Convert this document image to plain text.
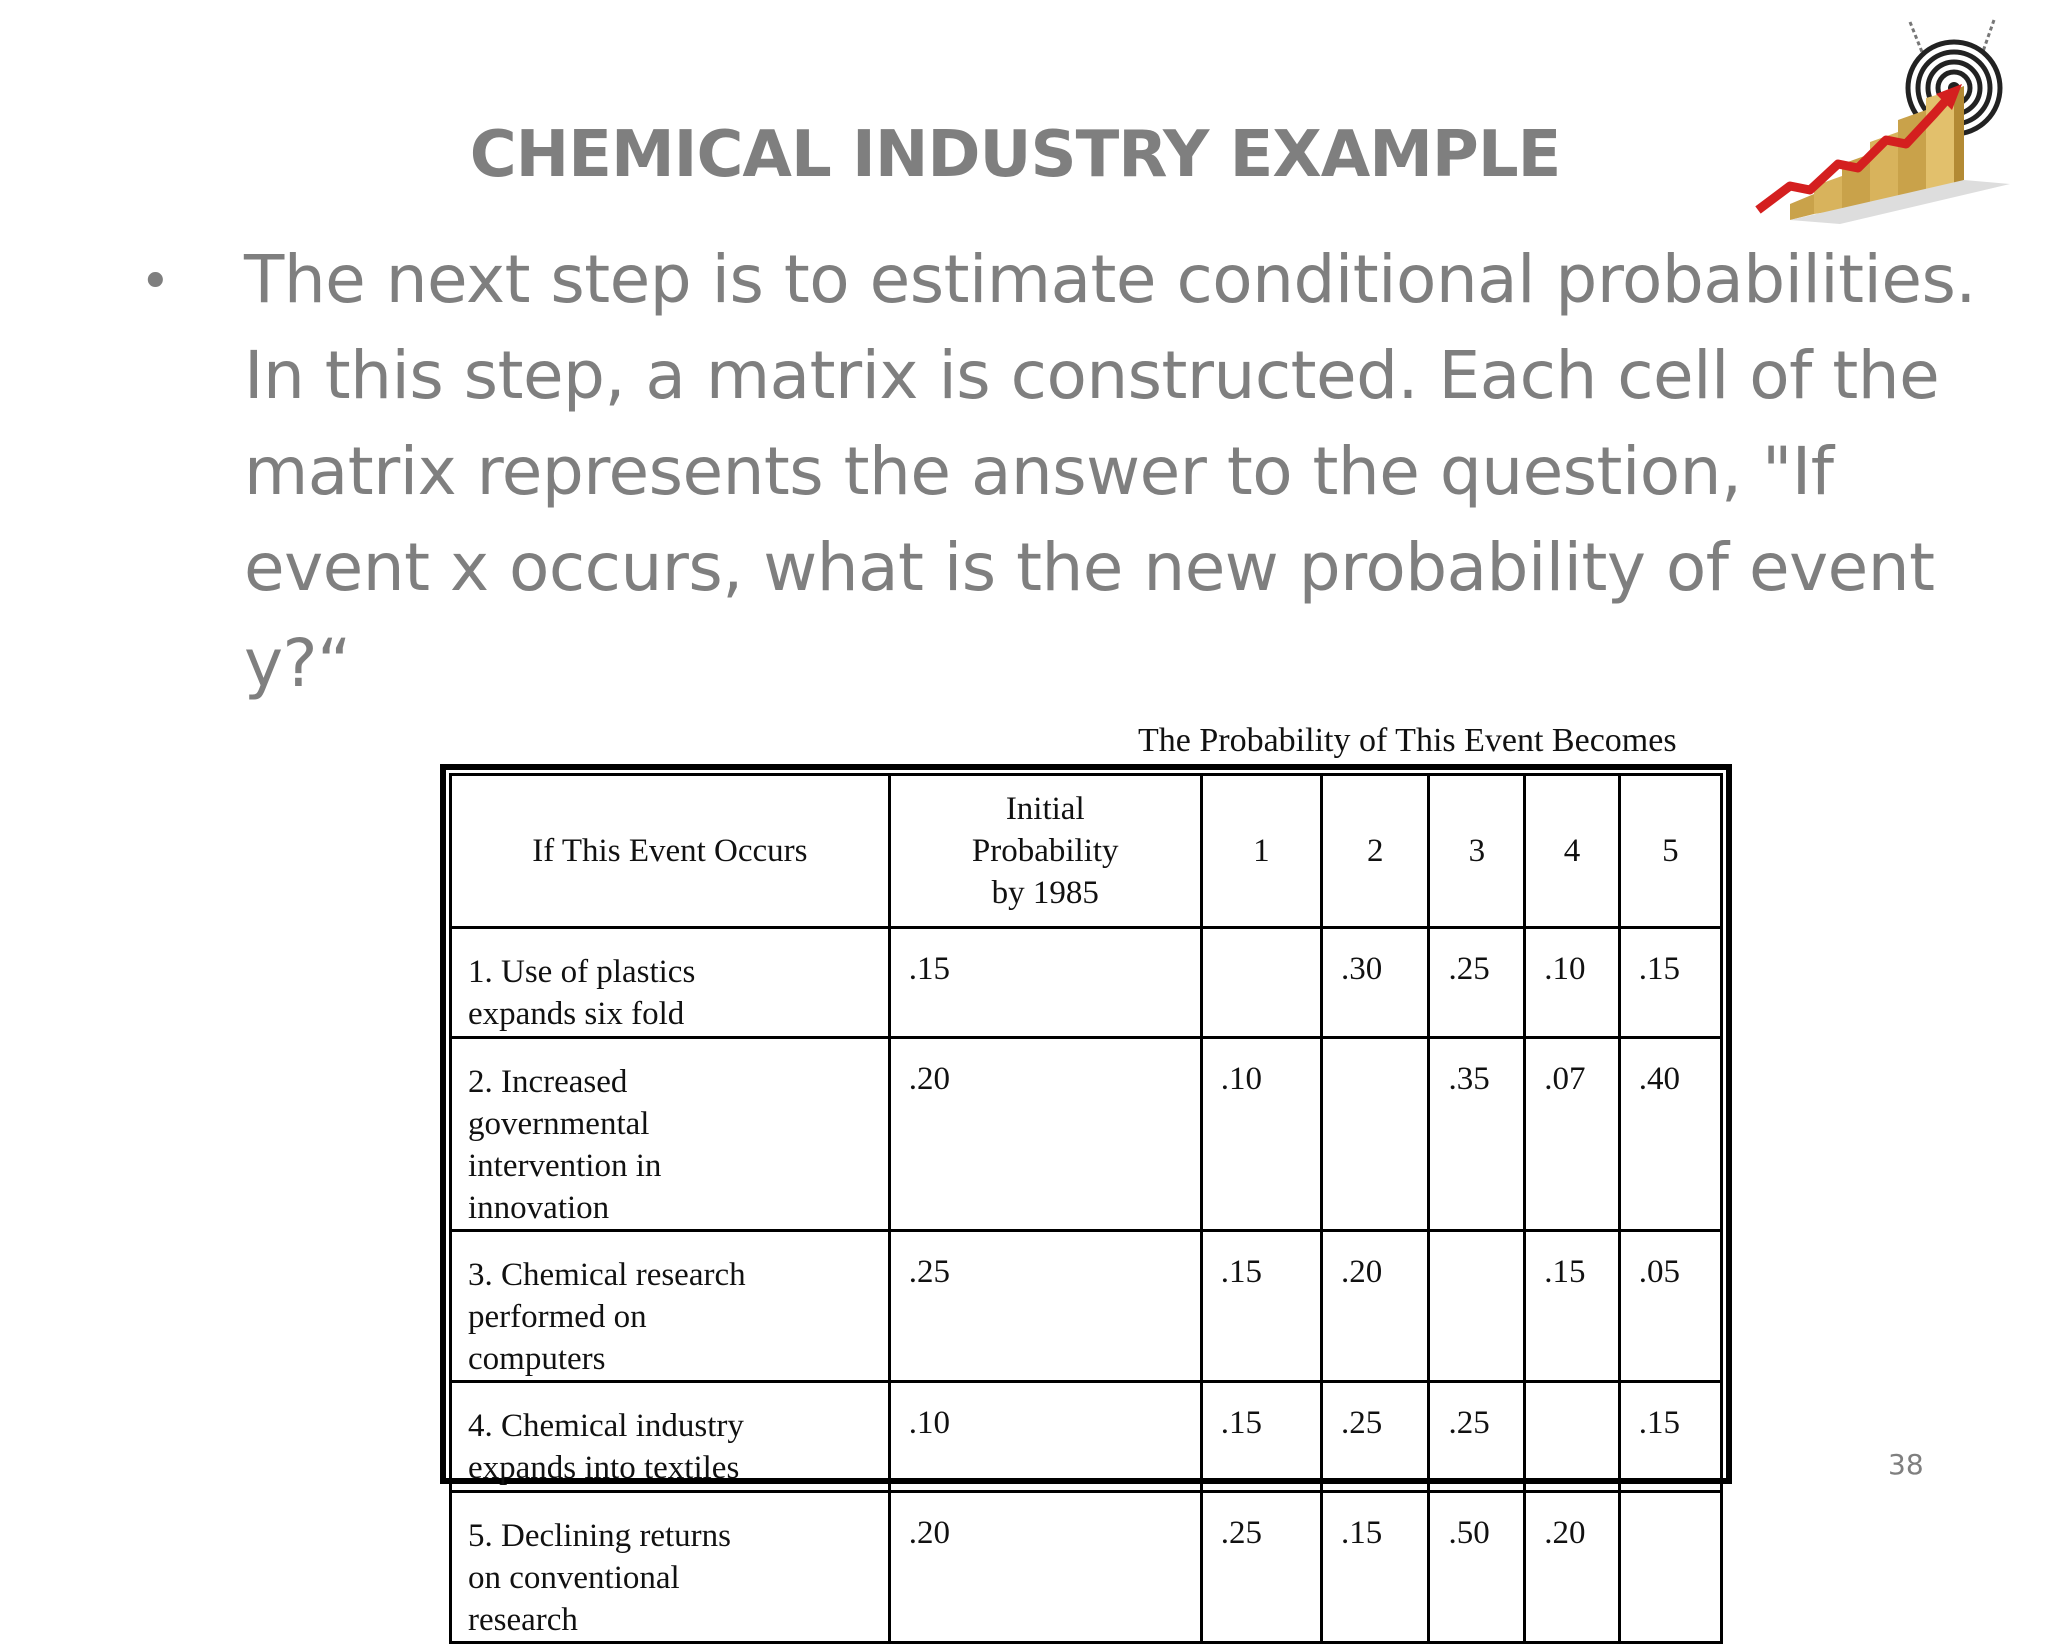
CHEMICAL INDUSTRY EXAMPLE
• The next step is to estimate conditional probabilities. In this step, a matrix is constructed. Each cell of the matrix represents the answer to the question, "If event x occurs, what is the new probability of event y?“
The Probability of This Event Becomes
If This Event Occurs	Initial Probability by 1985	1	2	3	4	5

1. Use of plastics expands six fold	.15		.30	.25	.10	.15

2. Increased governmental intervention in innovation	.20	.10		.35	.07	.40

3. Chemical research performed on computers	.25	.15	.20		.15	.05

4. Chemical industry expands into textiles	.10	.15	.25	.25		.15

5. Declining returns on conventional research	.20	.25	.15	.50	.20	
38
